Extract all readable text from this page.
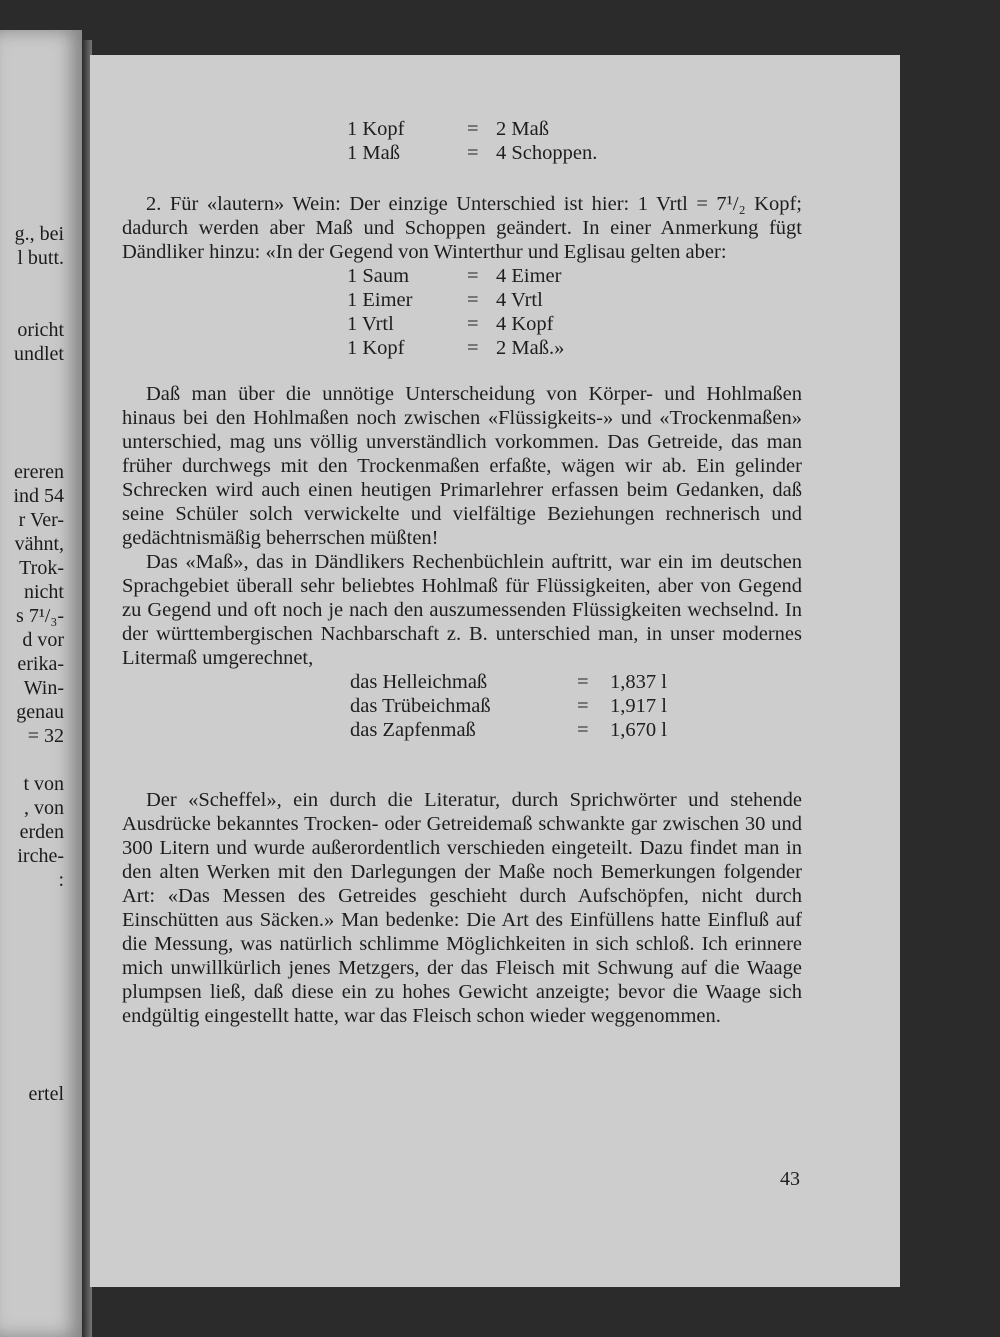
g., bei
l butt.
oricht
undlet
ereren
ind 54
r Ver-
vähnt,
Trok-
nicht
s 7¹/₃-
d vor
erika-
Win-
genau
= 32
t von
, von
erden
irche-
:
ertel
1 Kopf	= 2 Maß
1 Maß	= 4 Schoppen.

2. Für «lautern» Wein: Der einzige Unterschied ist hier: 1 Vrtl = 7¹/₂ Kopf; dadurch werden aber Maß und Schoppen geändert. In einer Anmerkung fügt Dändliker hinzu: «In der Gegend von Winterthur und Eglisau gelten aber:

1 Saum	= 4 Eimer
1 Eimer	= 4 Vrtl
1 Vrtl	= 4 Kopf
1 Kopf	= 2 Maß.»

Daß man über die unnötige Unterscheidung von Körper- und Hohlmaßen hinaus bei den Hohlmaßen noch zwischen «Flüssigkeits-» und «Trockenmaßen» unterschied, mag uns völlig unverständlich vorkommen. Das Getreide, das man früher durchwegs mit den Trockenmaßen erfaßte, wägen wir ab. Ein gelinder Schrecken wird auch einen heutigen Primarlehrer erfassen beim Gedanken, daß seine Schüler solch verwickelte und vielfältige Beziehungen rechnerisch und gedächtnismäßig beherrschen müßten!

Das «Maß», das in Dändlikers Rechenbüchlein auftritt, war ein im deutschen Sprachgebiet überall sehr beliebtes Hohlmaß für Flüssigkeiten, aber von Gegend zu Gegend und oft noch je nach den auszumessenden Flüssigkeiten wechselnd. In der württembergischen Nachbarschaft z. B. unterschied man, in unser modernes Litermaß umgerechnet,

das Helleichmaß	= 1,837 l
das Trübeichmaß	= 1,917 l
das Zapfenmaß	= 1,670 l

Der «Scheffel», ein durch die Literatur, durch Sprichwörter und stehende Ausdrücke bekanntes Trocken- oder Getreidemaß schwankte gar zwischen 30 und 300 Litern und wurde außerordentlich verschieden eingeteilt. Dazu findet man in den alten Werken mit den Darlegungen der Maße noch Bemerkungen folgender Art: «Das Messen des Getreides geschieht durch Aufschöpfen, nicht durch Einschütten aus Säcken.» Man bedenke: Die Art des Einfüllens hatte Einfluß auf die Messung, was natürlich schlimme Möglichkeiten in sich schloß. Ich erinnere mich unwillkürlich jenes Metzgers, der das Fleisch mit Schwung auf die Waage plumpsen ließ, daß diese ein zu hohes Gewicht anzeigte; bevor die Waage sich endgültig eingestellt hatte, war das Fleisch schon wieder weggenommen.

43
